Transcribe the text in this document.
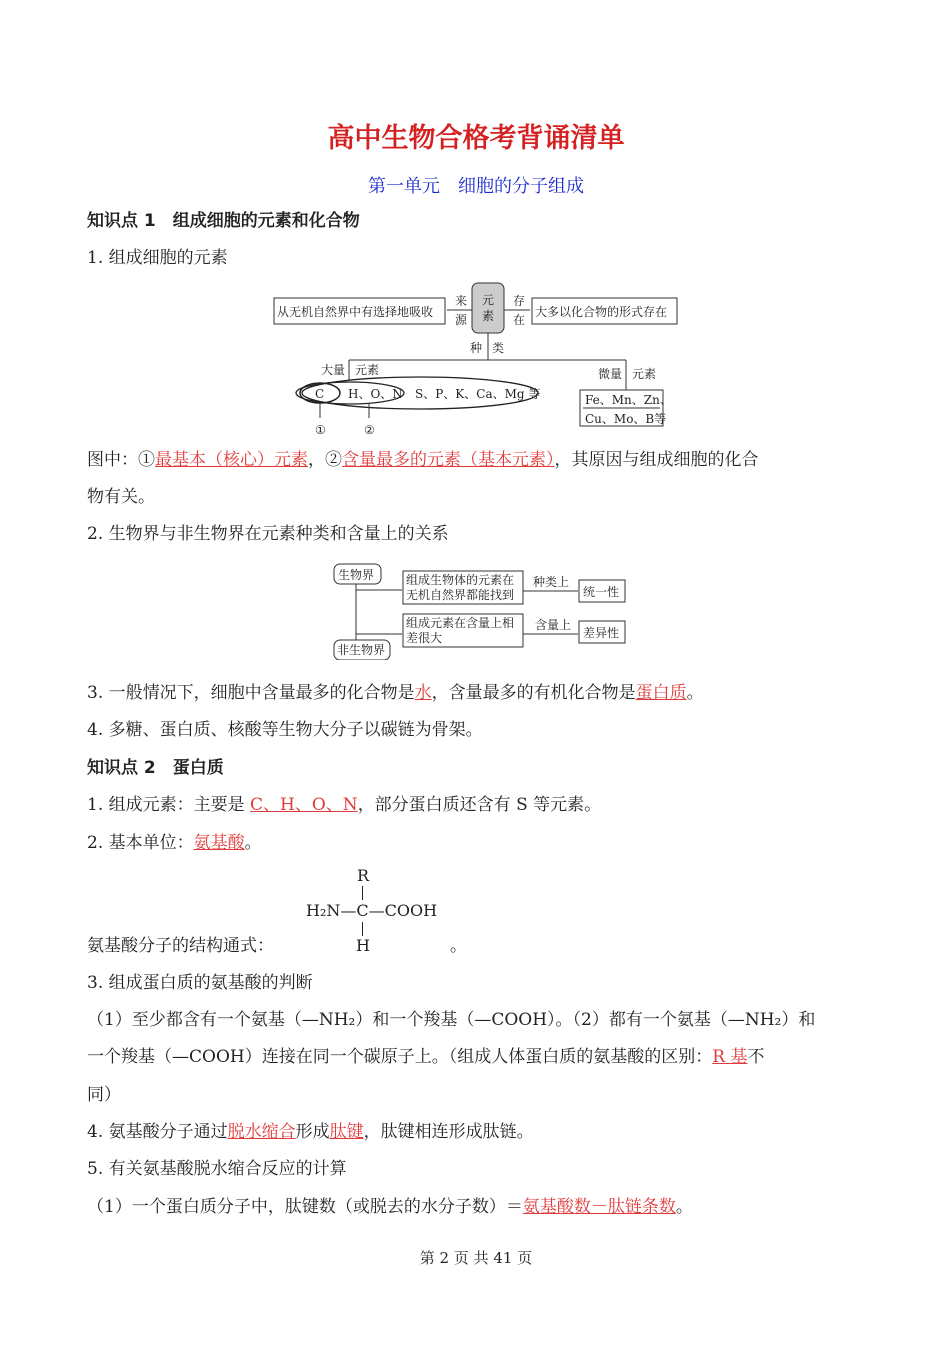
高中生物合格考背诵清单
第一单元　细胞的分子组成
知识点 1　组成细胞的元素和化合物
1. 组成细胞的元素
从无机自然界中有选择地吸收
元
素
来
源
存
在
大多以化合物的形式存在
种 类
大量 元素	微量 元素
C H、O、N S、P、K、Ca、Mg 等
①	②
Fe、Mn、Zn、
Cu、Mo、B等
图中：①最基本（核心）元素，②含量最多的元素（基本元素），其原因与组成细胞的化合
物有关。
2. 生物界与非生物界在元素种类和含量上的关系
生物界
非生物界
组成生物体的元素在
无机自然界都能找到
组成元素在含量上相
差很大
种类上
含量上
统一性
差异性
3. 一般情况下，细胞中含量最多的化合物是水，含量最多的有机化合物是蛋白质。
4. 多糖、蛋白质、核酸等生物大分子以碳链为骨架。
知识点 2　蛋白质
1. 组成元素：主要是 C、H、O、N，部分蛋白质还含有 S 等元素。
2. 基本单位：氨基酸。
R
H₂N—C—COOH
H
氨基酸分子的结构通式：	。
3. 组成蛋白质的氨基酸的判断
（1）至少都含有一个氨基（—NH₂）和一个羧基（—COOH）。（2）都有一个氨基（—NH₂）和
一个羧基（—COOH）连接在同一个碳原子上。（组成人体蛋白质的氨基酸的区别：R 基不
同）
4. 氨基酸分子通过脱水缩合形成肽键，肽键相连形成肽链。
5. 有关氨基酸脱水缩合反应的计算
（1）一个蛋白质分子中，肽键数（或脱去的水分子数）＝氨基酸数－肽链条数。
第 2 页 共 41 页
